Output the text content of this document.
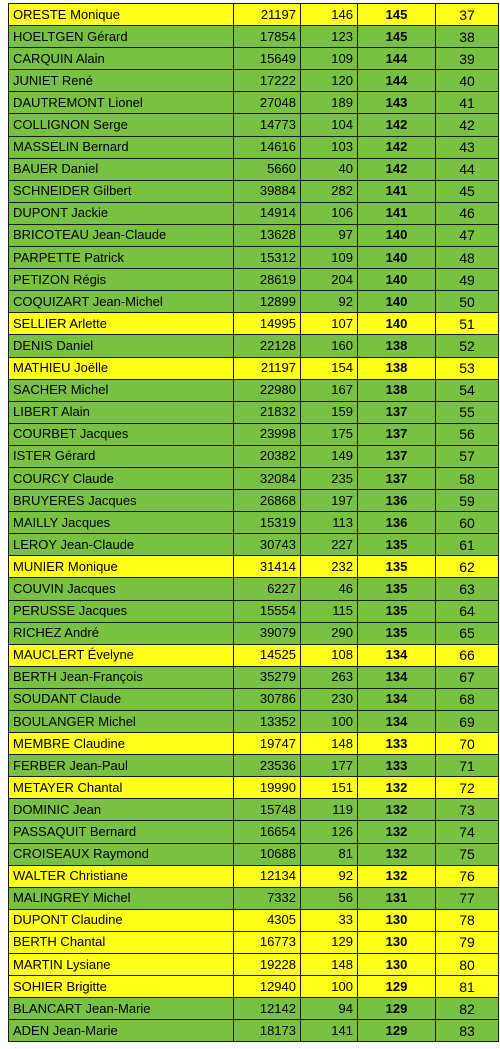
ORESTE Monique	21197	146	145	37
HOELTGEN Gérard	17854	123	145	38
CARQUIN Alain	15649	109	144	39
JUNIET René	17222	120	144	40
DAUTREMONT Lionel	27048	189	143	41
COLLIGNON Serge	14773	104	142	42
MASSELIN Bernard	14616	103	142	43
BAUER Daniel	5660	40	142	44
SCHNEIDER Gilbert	39884	282	141	45
DUPONT Jackie	14914	106	141	46
BRICOTEAU Jean-Claude	13628	97	140	47
PARPETTE Patrick	15312	109	140	48
PETIZON Régis	28619	204	140	49
COQUIZART Jean-Michel	12899	92	140	50
SELLIER Arlette	14995	107	140	51
DENIS Daniel	22128	160	138	52
MATHIEU Joëlle	21197	154	138	53
SACHER Michel	22980	167	138	54
LIBERT Alain	21832	159	137	55
COURBET Jacques	23998	175	137	56
ISTER Gérard	20382	149	137	57
COURCY Claude	32084	235	137	58
BRUYERES Jacques	26868	197	136	59
MAILLY Jacques	15319	113	136	60
LEROY Jean-Claude	30743	227	135	61
MUNIER Monique	31414	232	135	62
COUVIN Jacques	6227	46	135	63
PERUSSE Jacques	15554	115	135	64
RICHEZ André	39079	290	135	65
MAUCLERT Évelyne	14525	108	134	66
BERTH Jean-François	35279	263	134	67
SOUDANT Claude	30786	230	134	68
BOULANGER Michel	13352	100	134	69
MEMBRE Claudine	19747	148	133	70
FERBER Jean-Paul	23536	177	133	71
METAYER Chantal	19990	151	132	72
DOMINIC Jean	15748	119	132	73
PASSAQUIT Bernard	16654	126	132	74
CROISEAUX Raymond	10688	81	132	75
WALTER Christiane	12134	92	132	76
MALINGREY Michel	7332	56	131	77
DUPONT Claudine	4305	33	130	78
BERTH Chantal	16773	129	130	79
MARTIN Lysiane	19228	148	130	80
SOHIER Brigitte	12940	100	129	81
BLANCART Jean-Marie	12142	94	129	82
ADEN Jean-Marie	18173	141	129	83
